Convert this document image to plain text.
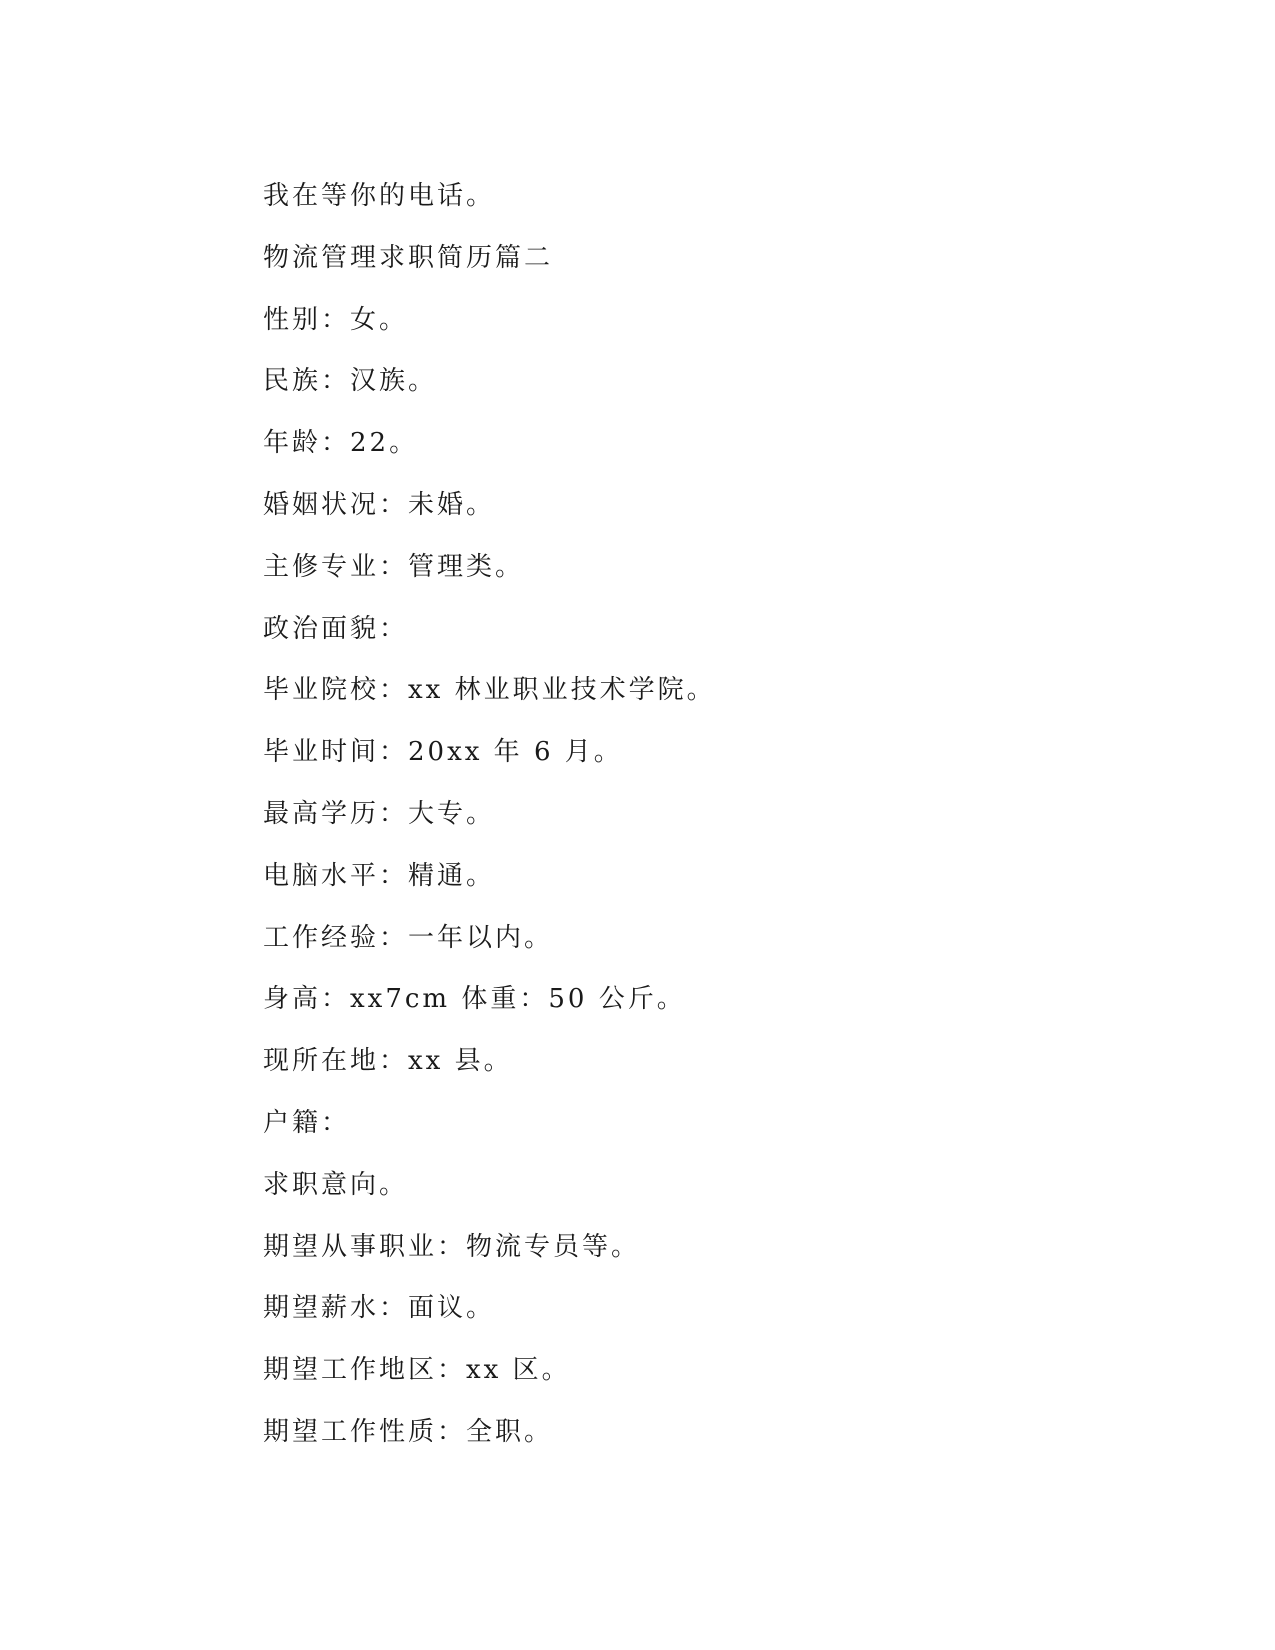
我在等你的电话。
物流管理求职简历篇二
性别：女。
民族：汉族。
年龄：22。
婚姻状况：未婚。
主修专业：管理类。
政治面貌：
毕业院校：xx 林业职业技术学院。
毕业时间：20xx 年 6 月。
最高学历：大专。
电脑水平：精通。
工作经验：一年以内。
身高：xx7cm 体重：50 公斤。
现所在地：xx 县。
户籍：
求职意向。
期望从事职业：物流专员等。
期望薪水：面议。
期望工作地区：xx 区。
期望工作性质：全职。
